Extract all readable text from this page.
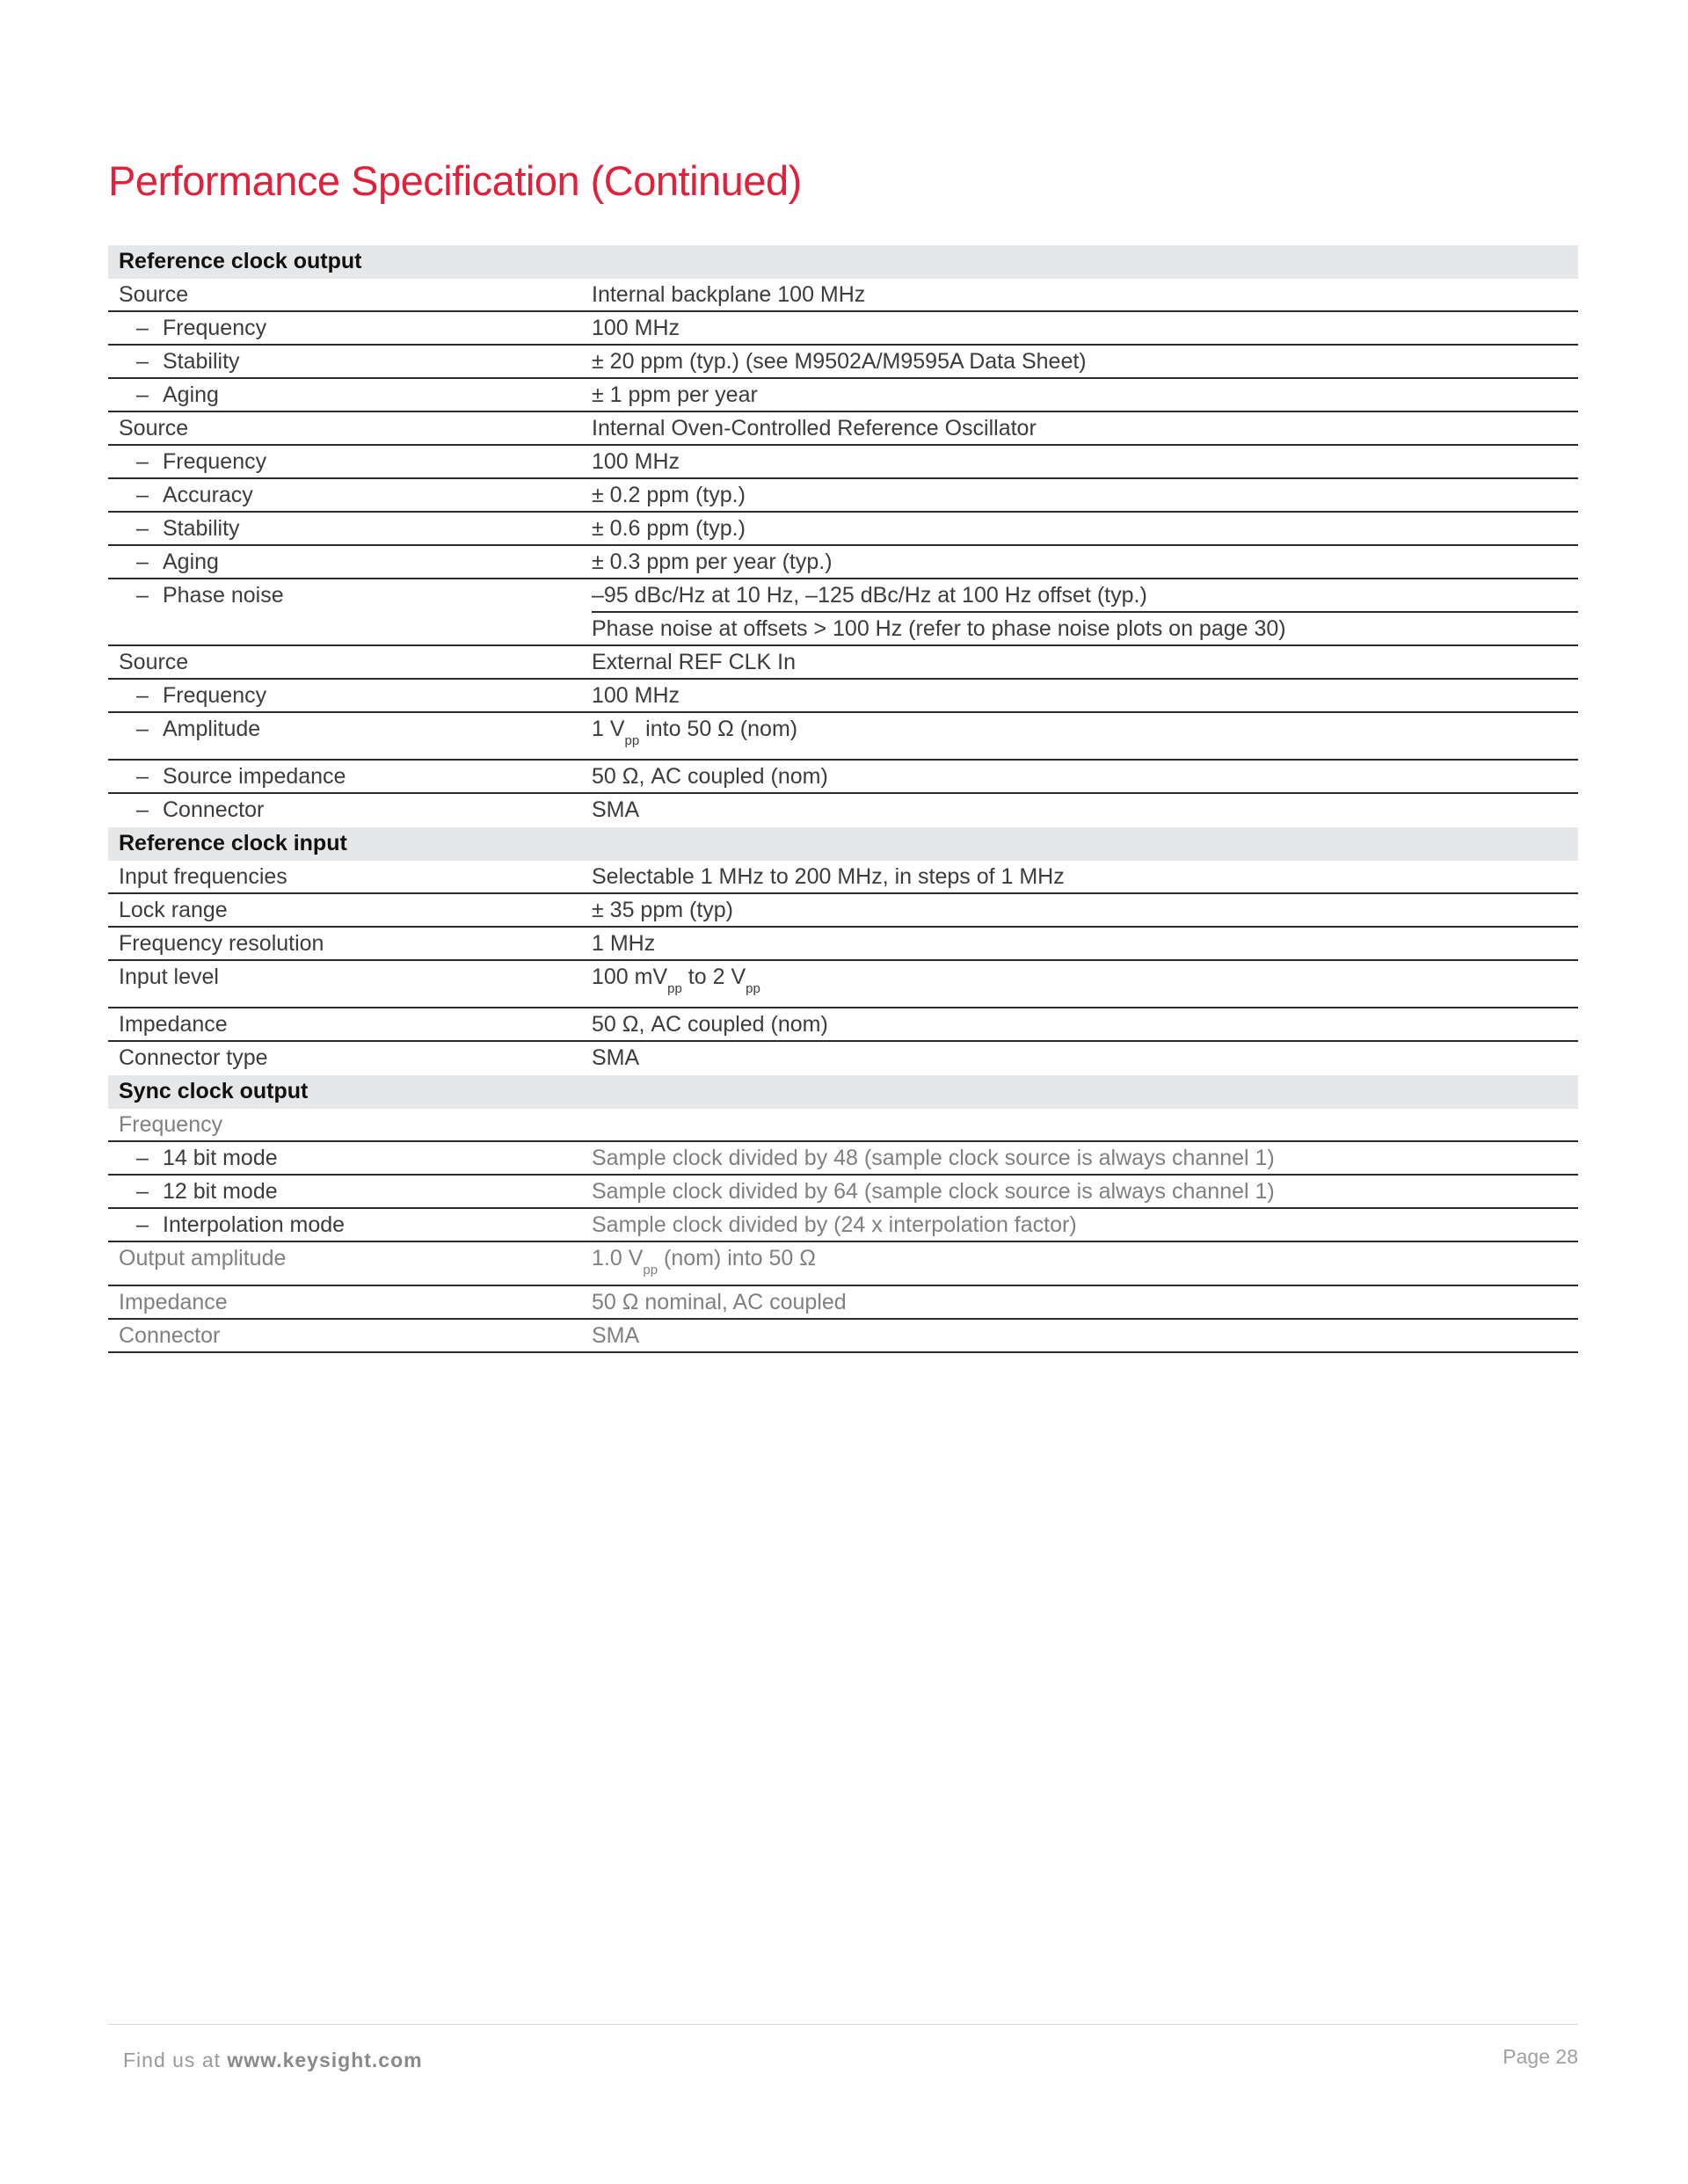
Performance Specification (Continued)
Reference clock output
Source	Internal backplane 100 MHz
– Frequency	100 MHz
– Stability	± 20 ppm (typ.) (see M9502A/M9595A Data Sheet)
– Aging	± 1 ppm per year
Source	Internal Oven-Controlled Reference Oscillator
– Frequency	100 MHz
– Accuracy	± 0.2 ppm (typ.)
– Stability	± 0.6 ppm (typ.)
– Aging	± 0.3 ppm per year (typ.)
– Phase noise	–95 dBc/Hz at 10 Hz, –125 dBc/Hz at 100 Hz offset (typ.)
Phase noise at offsets > 100 Hz (refer to phase noise plots on page 30)
Source	External REF CLK In
– Frequency	100 MHz
– Amplitude	1 $V_{pp}$ into 50 Ω (nom)
– Source impedance	50 Ω, AC coupled (nom)
– Connector	SMA
Reference clock input
Input frequencies	Selectable 1 MHz to 200 MHz, in steps of 1 MHz
Lock range	± 35 ppm (typ)
Frequency resolution	1 MHz
Input level	100 $mV_{pp}$ to 2 $V_{pp}$
Impedance	50 Ω, AC coupled (nom)
Connector type	SMA
Sync clock output
Frequency
– 14 bit mode	Sample clock divided by 48 (sample clock source is always channel 1)
– 12 bit mode	Sample clock divided by 64 (sample clock source is always channel 1)
– Interpolation mode	Sample clock divided by (24 x interpolation factor)
Output amplitude	1.0 $V_{pp}$ (nom) into 50 Ω
Impedance	50 Ω nominal, AC coupled
Connector	SMA
Find us at www.keysight.com	Page 28
